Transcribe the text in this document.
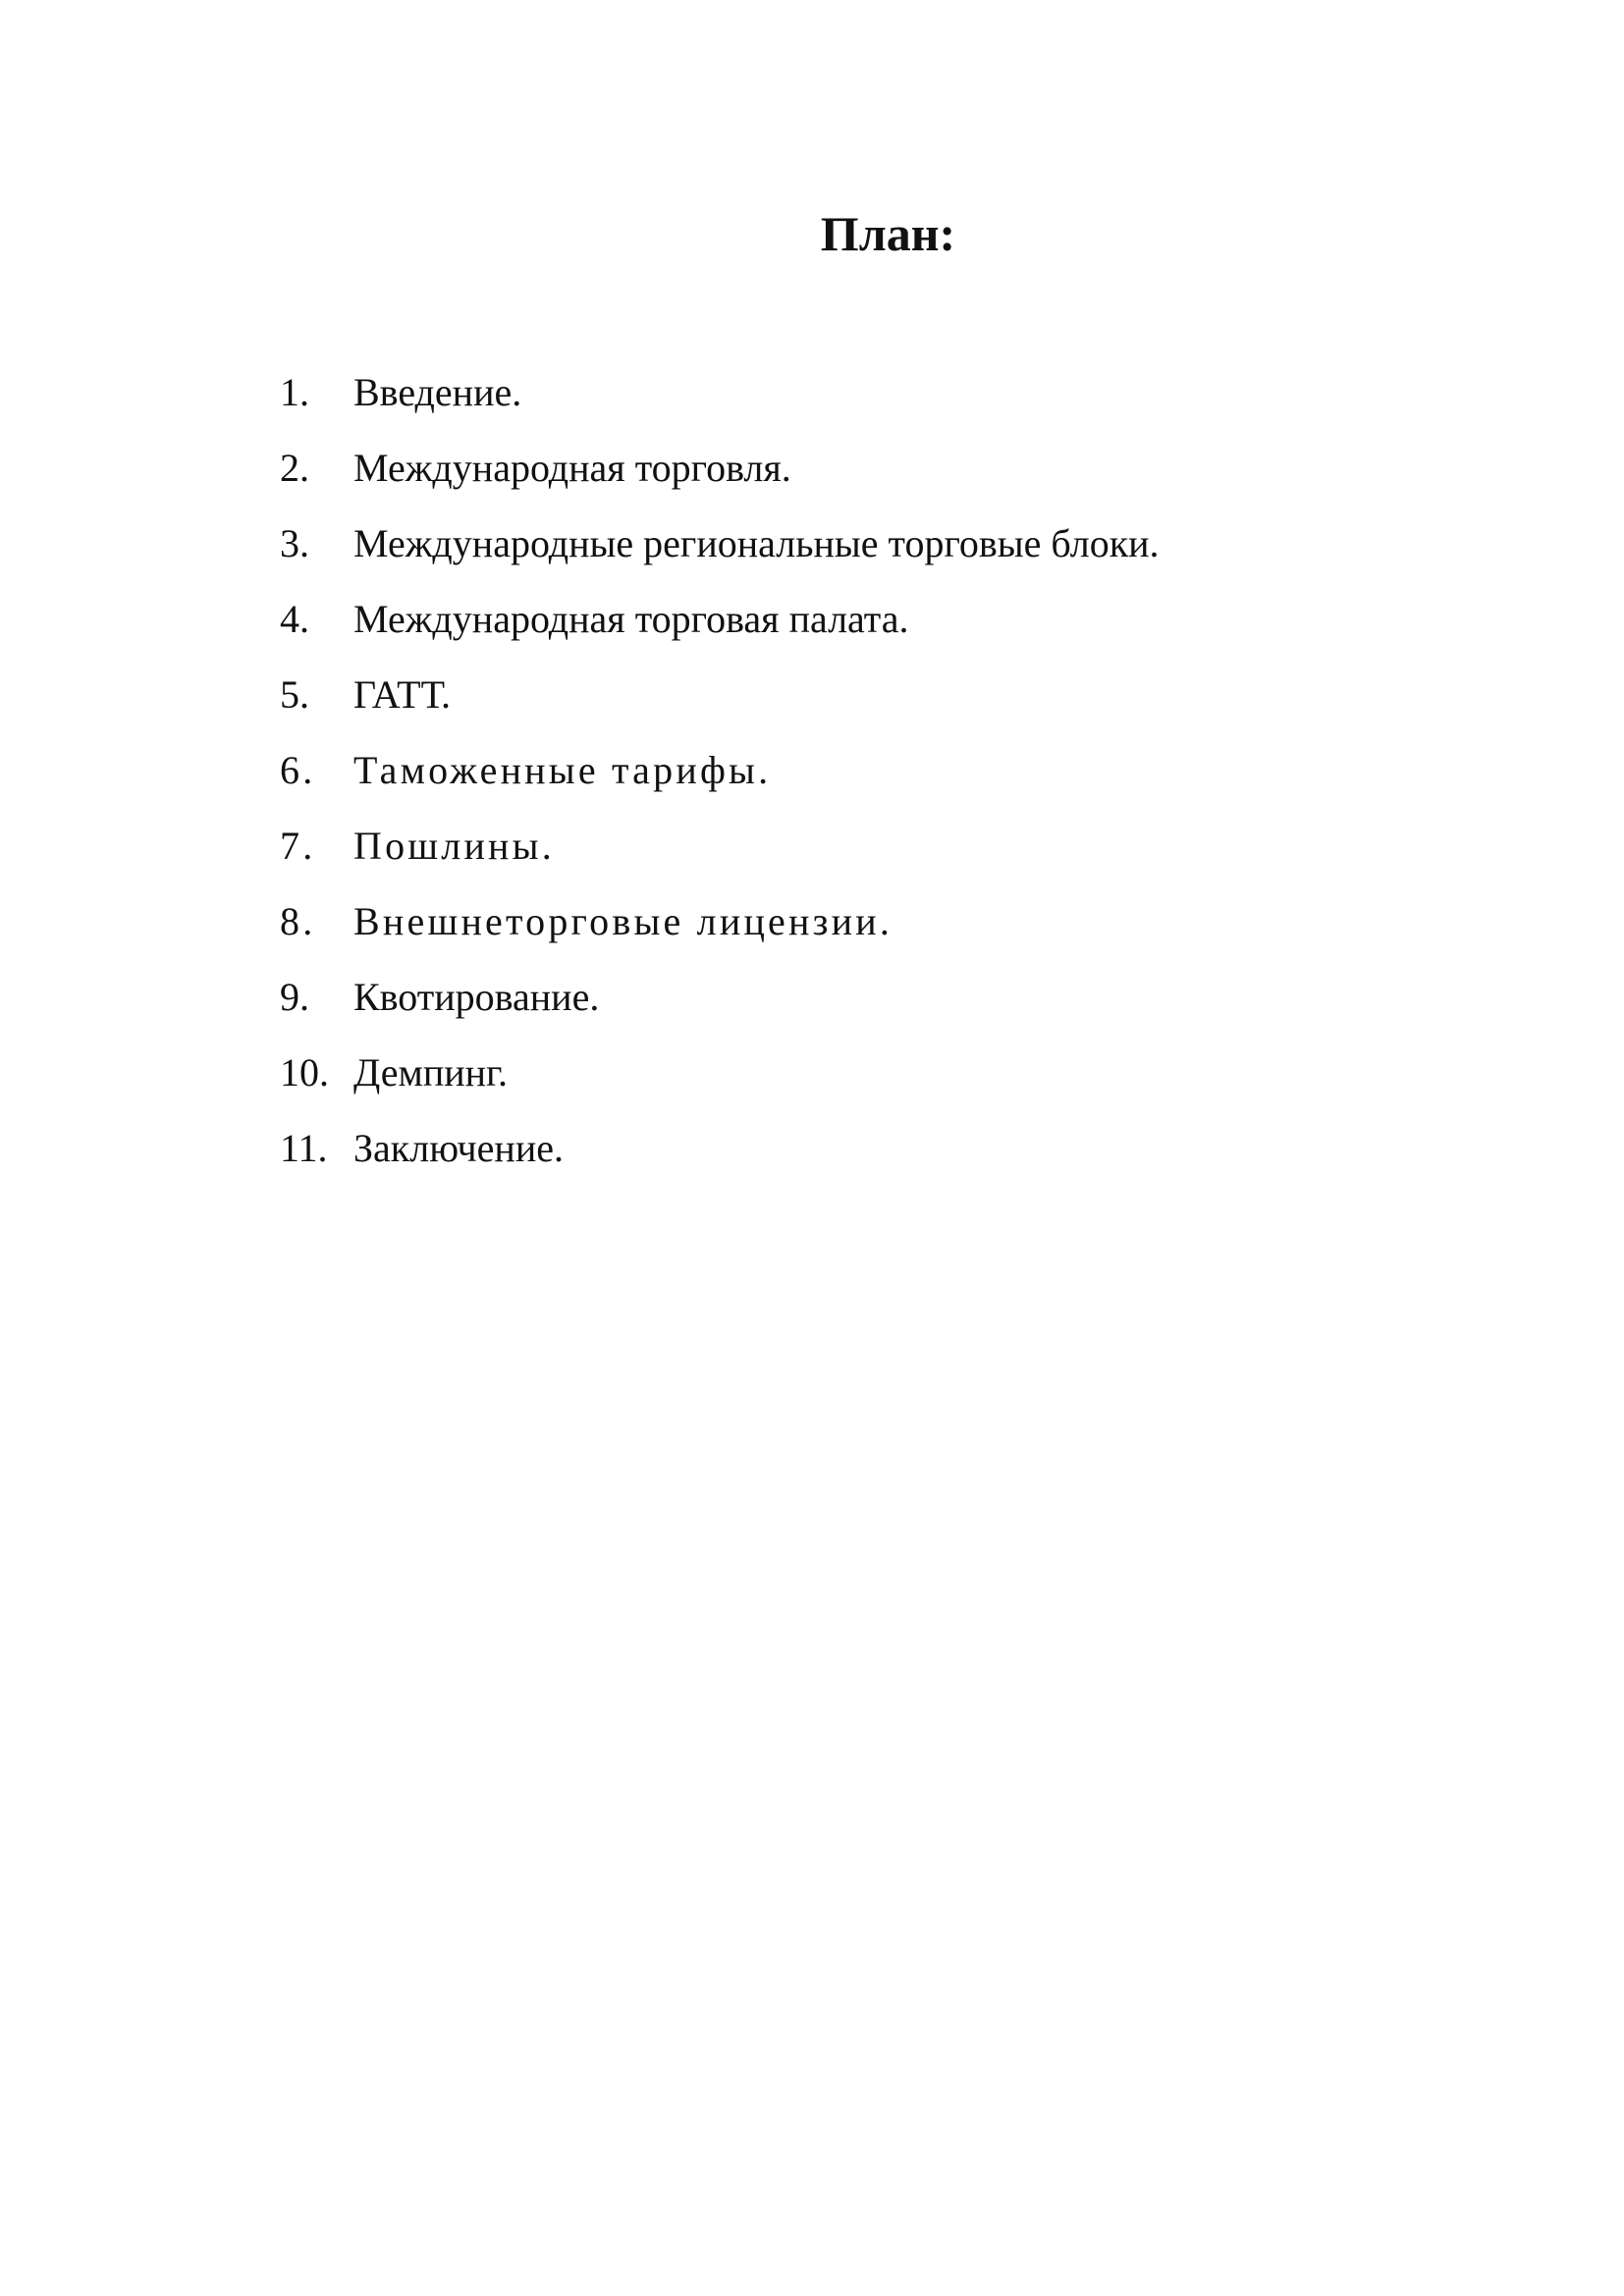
План:
1. Введение.
2. Международная торговля.
3. Международные региональные торговые блоки.
4. Международная торговая палата.
5. ГАТТ.
6. Таможенные тарифы.
7. Пошлины.
8. Внешнеторговые лицензии.
9. Квотирование.
10. Демпинг.
11. Заключение.
